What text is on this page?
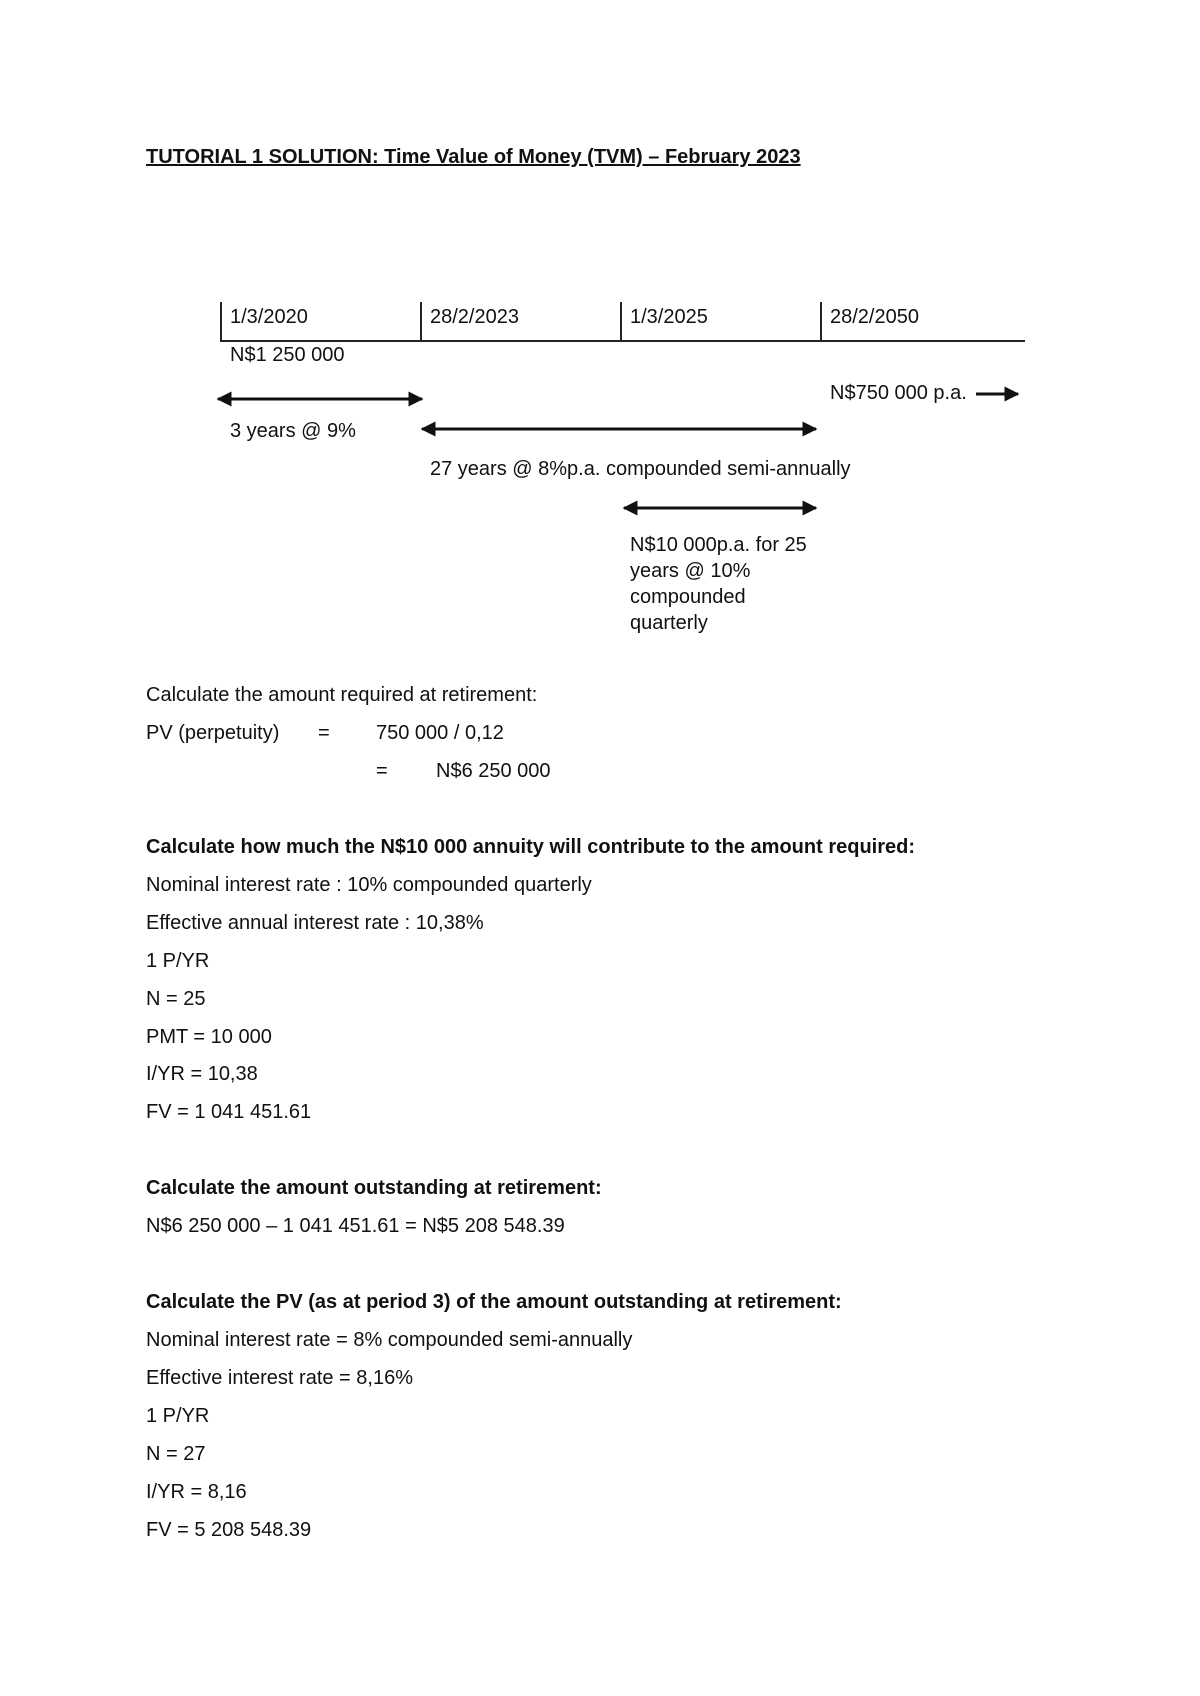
TUTORIAL 1 SOLUTION: Time Value of Money (TVM) – February 2023
1/3/2020	28/2/2023	1/3/2025	28/2/2050
N$1 250 000
N$750 000 p.a.
3 years @ 9%
27 years @ 8%p.a. compounded semi-annually
N$10 000p.a. for 25 years @ 10% compounded quarterly
Calculate the amount required at retirement:
PV (perpetuity) = 750 000 / 0,12
= N$6 250 000
Calculate how much the N$10 000 annuity will contribute to the amount required:
Nominal interest rate : 10% compounded quarterly
Effective annual interest rate : 10,38%
1 P/YR
N = 25
PMT = 10 000
I/YR = 10,38
FV = 1 041 451.61
Calculate the amount outstanding at retirement:
N$6 250 000 – 1 041 451.61 = N$5 208 548.39
Calculate the PV (as at period 3) of the amount outstanding at retirement:
Nominal interest rate = 8% compounded semi-annually
Effective interest rate = 8,16%
1 P/YR
N = 27
I/YR = 8,16
FV = 5 208 548.39
